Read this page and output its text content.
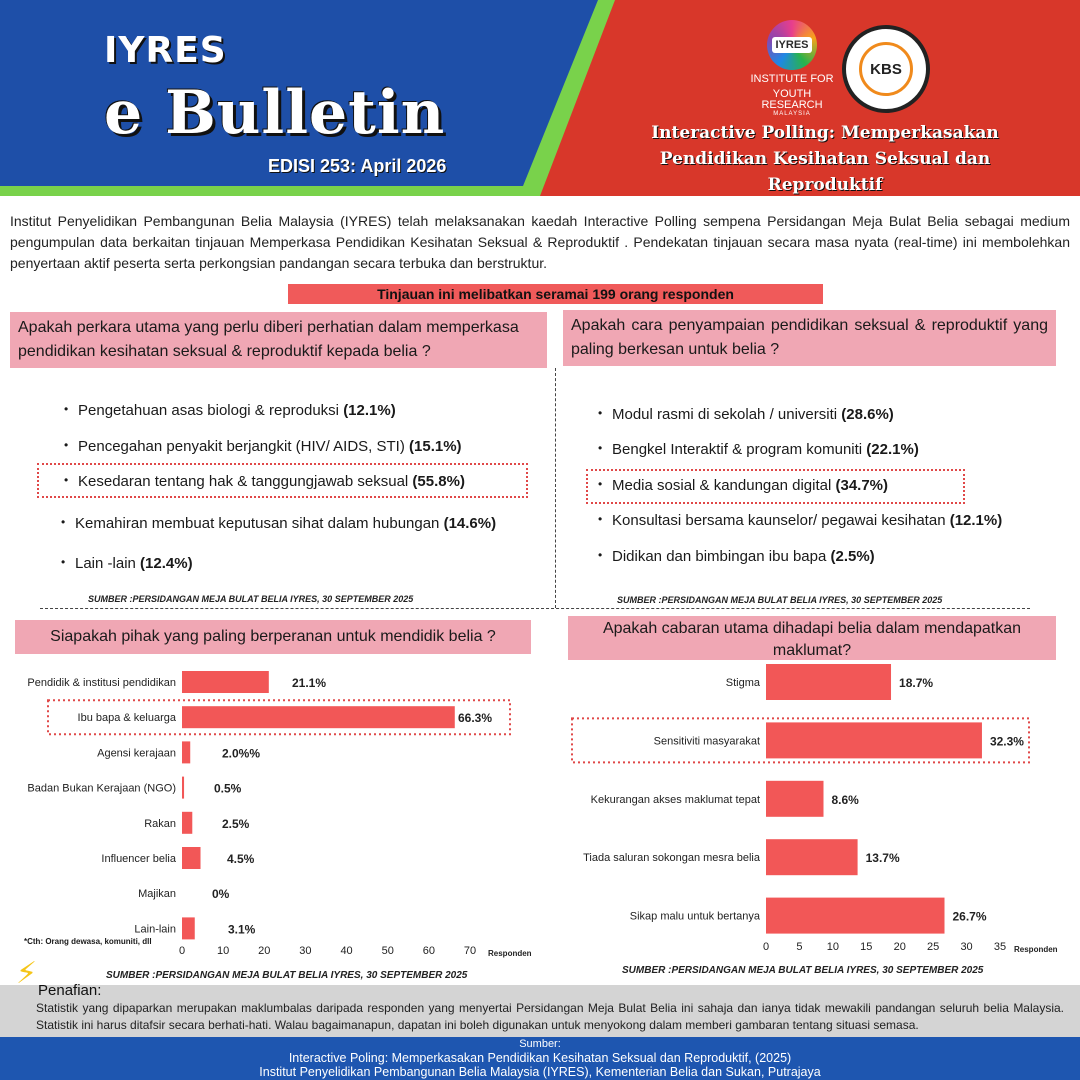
IYRES
e Bulletin
EDISI 253: April 2026
IYRES
INSTITUTE FOR
YOUTH RESEARCH
MALAYSIA
KBS
Interactive Polling: Memperkasakan
Pendidikan Kesihatan Seksual dan Reproduktif

Institut Penyelidikan Pembangunan Belia Malaysia (IYRES) telah melaksanakan kaedah Interactive Polling sempena Persidangan Meja Bulat Belia sebagai medium pengumpulan data berkaitan tinjauan Memperkasa Pendidikan Kesihatan Seksual & Reproduktif . Pendekatan tinjauan secara masa nyata (real-time) ini membolehkan penyertaan aktif peserta serta perkongsian pandangan secara terbuka dan berstruktur.

Tinjauan ini melibatkan seramai 199 orang responden
Apakah perkara utama yang perlu diberi perhatian dalam memperkasa pendidikan kesihatan seksual & reproduktif kepada belia ?
Apakah cara penyampaian pendidikan seksual & reproduktif yang paling berkesan untuk belia ?
• Pengetahuan asas biologi & reproduksi (12.1%)
• Pencegahan penyakit berjangkit (HIV/ AIDS, STI) (15.1%)
• Kesedaran tentang hak & tanggungjawab seksual (55.8%)
• Kemahiran membuat keputusan sihat dalam hubungan (14.6%)
• Lain -lain (12.4%)
SUMBER :PERSIDANGAN MEJA BULAT BELIA IYRES, 30 SEPTEMBER 2025
• Modul rasmi di sekolah / universiti (28.6%)
• Bengkel Interaktif & program komuniti (22.1%)
• Media sosial & kandungan digital (34.7%)
• Konsultasi bersama kaunselor/ pegawai kesihatan (12.1%)
• Didikan dan bimbingan ibu bapa (2.5%)
SUMBER :PERSIDANGAN MEJA BULAT BELIA IYRES, 30 SEPTEMBER 2025
Siapakah pihak yang paling berperanan untuk mendidik belia ?	Apakah cabaran utama dihadapi belia dalam mendapatkan maklumat?
Pendidik & institusi pendidikan	21.1%
Ibu bapa & keluarga	66.3%
Agensi kerajaan	2.0%%
Badan Bukan Kerajaan (NGO)	0.5%
Rakan	2.5%
Influencer belia	4.5%
Majikan	0%
Lain-lain	3.1%
0	10	20	30	40	50	60	70 Responden
Stigma	18.7%
Sensitiviti masyarakat	32.3%
Kekurangan akses maklumat tepat	8.6%
Tiada saluran sokongan mesra belia	13.7%
Sikap malu untuk bertanya	26.7%
0 5 10 15 20 25 30 35 Responden
*Cth: Orang dewasa, komuniti, dll
SUMBER :PERSIDANGAN MEJA BULAT BELIA IYRES, 30 SEPTEMBER 2025	SUMBER :PERSIDANGAN MEJA BULAT BELIA IYRES, 30 SEPTEMBER 2025
⚡
Penafian:
Statistik yang dipaparkan merupakan maklumbalas daripada responden yang menyertai Persidangan Meja Bulat Belia ini sahaja dan ianya tidak mewakili pandangan seluruh belia Malaysia. Statistik ini harus ditafsir secara berhati-hati. Walau bagaimanapun, dapatan ini boleh digunakan untuk menyokong dalam memberi gambaran tentang situasi semasa.
Sumber:
Interactive Poling: Memperkasakan Pendidikan Kesihatan Seksual dan Reproduktif, (2025)
Institut Penyelidikan Pembangunan Belia Malaysia (IYRES), Kementerian Belia dan Sukan, Putrajaya
